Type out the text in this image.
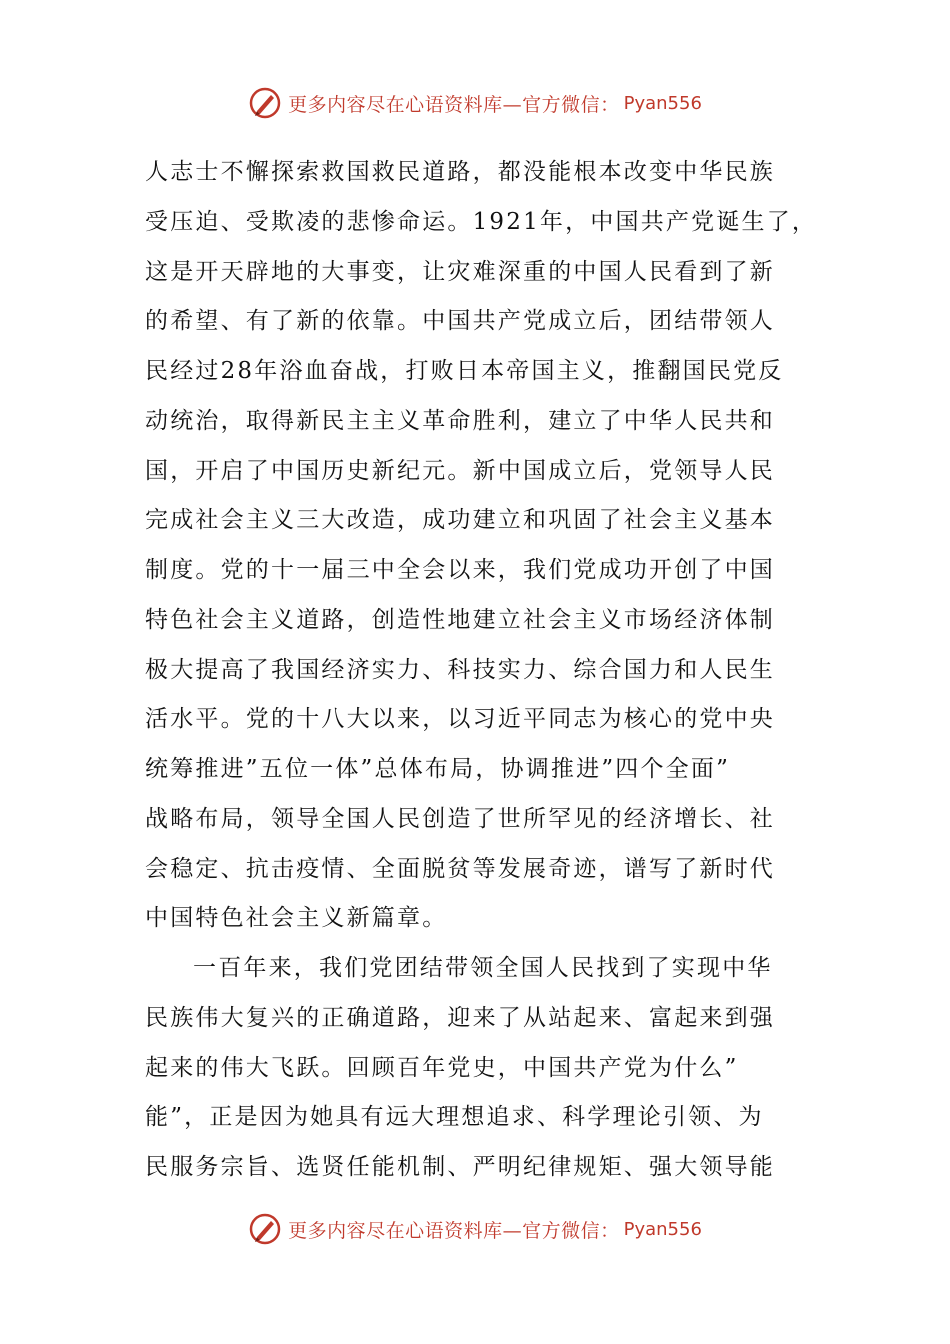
更多内容尽在心语资料库—官方微信： Pyan556
人志士不懈探索救国救民道路，都没能根本改变中华民族
受压迫、受欺凌的悲惨命运。1921年，中国共产党诞生了，
这是开天辟地的大事变，让灾难深重的中国人民看到了新
的希望、有了新的依靠。中国共产党成立后，团结带领人
民经过28年浴血奋战，打败日本帝国主义，推翻国民党反
动统治，取得新民主主义革命胜利，建立了中华人民共和
国，开启了中国历史新纪元。新中国成立后，党领导人民
完成社会主义三大改造，成功建立和巩固了社会主义基本
制度。党的十一届三中全会以来，我们党成功开创了中国
特色社会主义道路，创造性地建立社会主义市场经济体制
极大提高了我国经济实力、科技实力、综合国力和人民生
活水平。党的十八大以来，以习近平同志为核心的党中央
统筹推进”五位一体”总体布局，协调推进”四个全面”
战略布局，领导全国人民创造了世所罕见的经济增长、社
会稳定、抗击疫情、全面脱贫等发展奇迹，谱写了新时代
中国特色社会主义新篇章。
一百年来，我们党团结带领全国人民找到了实现中华
民族伟大复兴的正确道路，迎来了从站起来、富起来到强
起来的伟大飞跃。回顾百年党史，中国共产党为什么”
能”，正是因为她具有远大理想追求、科学理论引领、为
民服务宗旨、选贤任能机制、严明纪律规矩、强大领导能
更多内容尽在心语资料库—官方微信： Pyan556
